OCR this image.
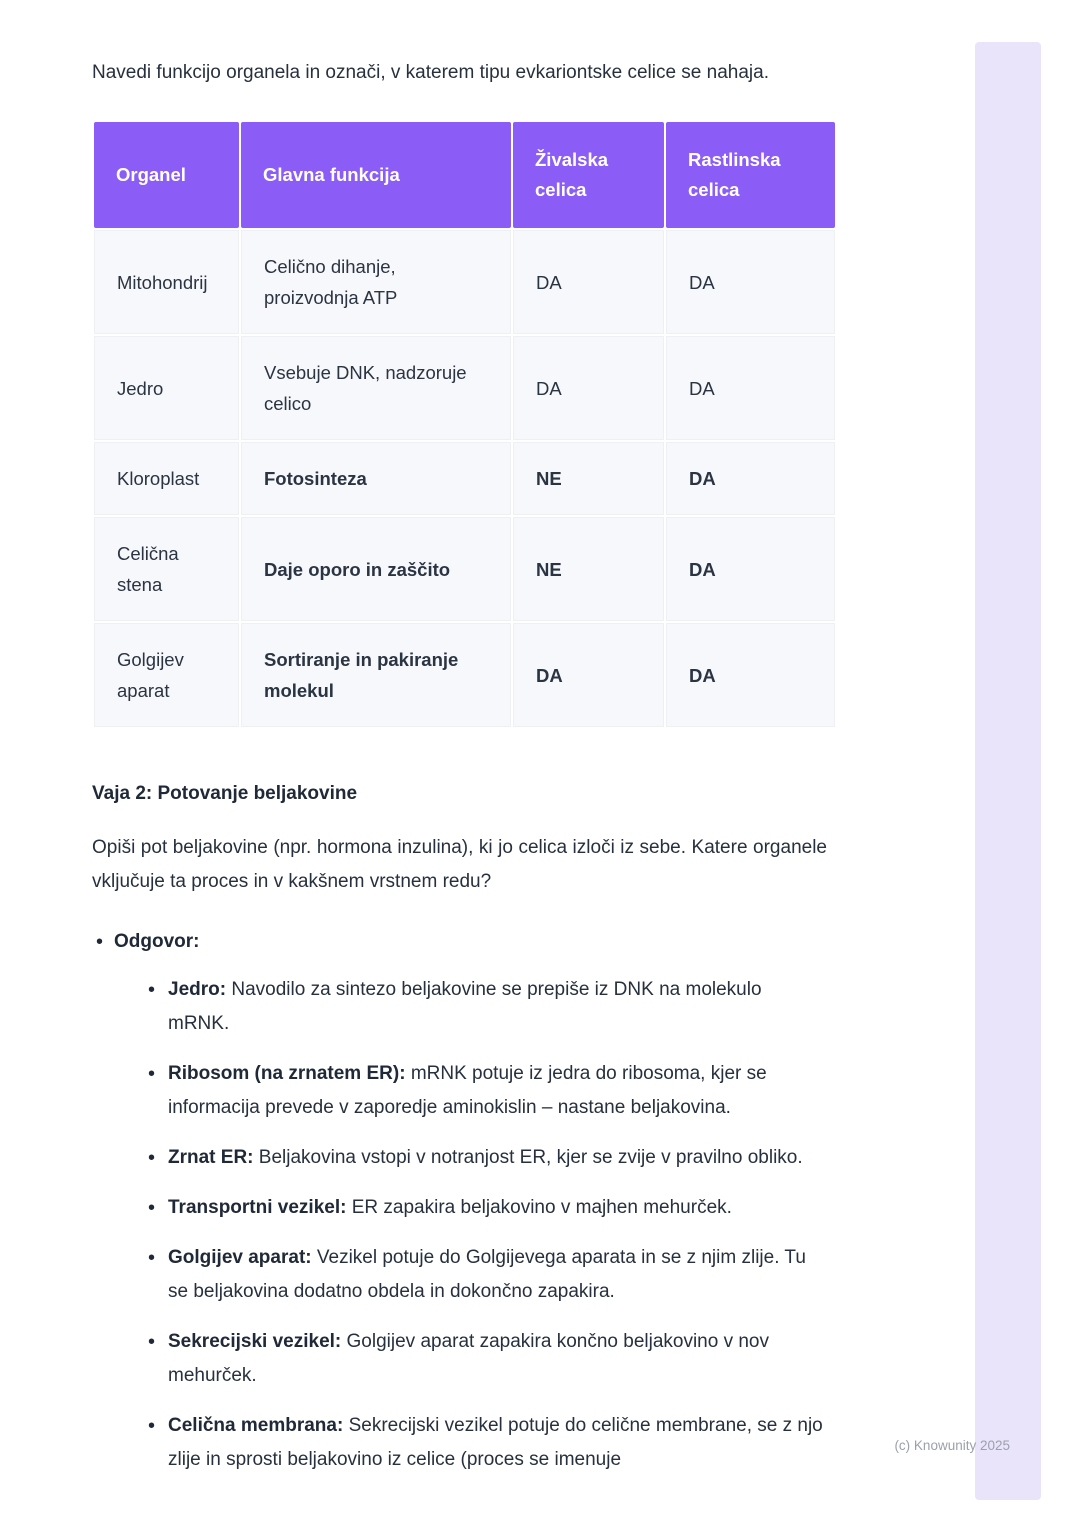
Navedi funkcijo organela in označi, v katerem tipu evkariontske celice se nahaja.

Organel	Glavna funkcija	Živalska celica	Rastlinska celica
Mitohondrij	Celično dihanje, proizvodnja ATP	DA	DA
Jedro	Vsebuje DNK, nadzoruje celico	DA	DA
Kloroplast	Fotosinteza	NE	DA
Celična stena	Daje oporo in zaščito	NE	DA
Golgijev aparat	Sortiranje in pakiranje molekul	DA	DA
Vaja 2: Potovanje beljakovine

Opiši pot beljakovine (npr. hormona inzulina), ki jo celica izloči iz sebe. Katere organele vključuje ta proces in v kakšnem vrstnem redu?

• Odgovor:
• Jedro: Navodilo za sintezo beljakovine se prepiše iz DNK na molekulo mRNK.
• Ribosom (na zrnatem ER): mRNK potuje iz jedra do ribosoma, kjer se informacija prevede v zaporedje aminokislin – nastane beljakovina.
• Zrnat ER: Beljakovina vstopi v notranjost ER, kjer se zvije v pravilno obliko.
• Transportni vezikel: ER zapakira beljakovino v majhen mehurček.
• Golgijev aparat: Vezikel potuje do Golgijevega aparata in se z njim zlije. Tu se beljakovina dodatno obdela in dokončno zapakira.
• Sekrecijski vezikel: Golgijev aparat zapakira končno beljakovino v nov mehurček.
• Celična membrana: Sekrecijski vezikel potuje do celične membrane, se z njo zlije in sprosti beljakovino iz celice (proces se imenuje
(c) Knowunity 2025
